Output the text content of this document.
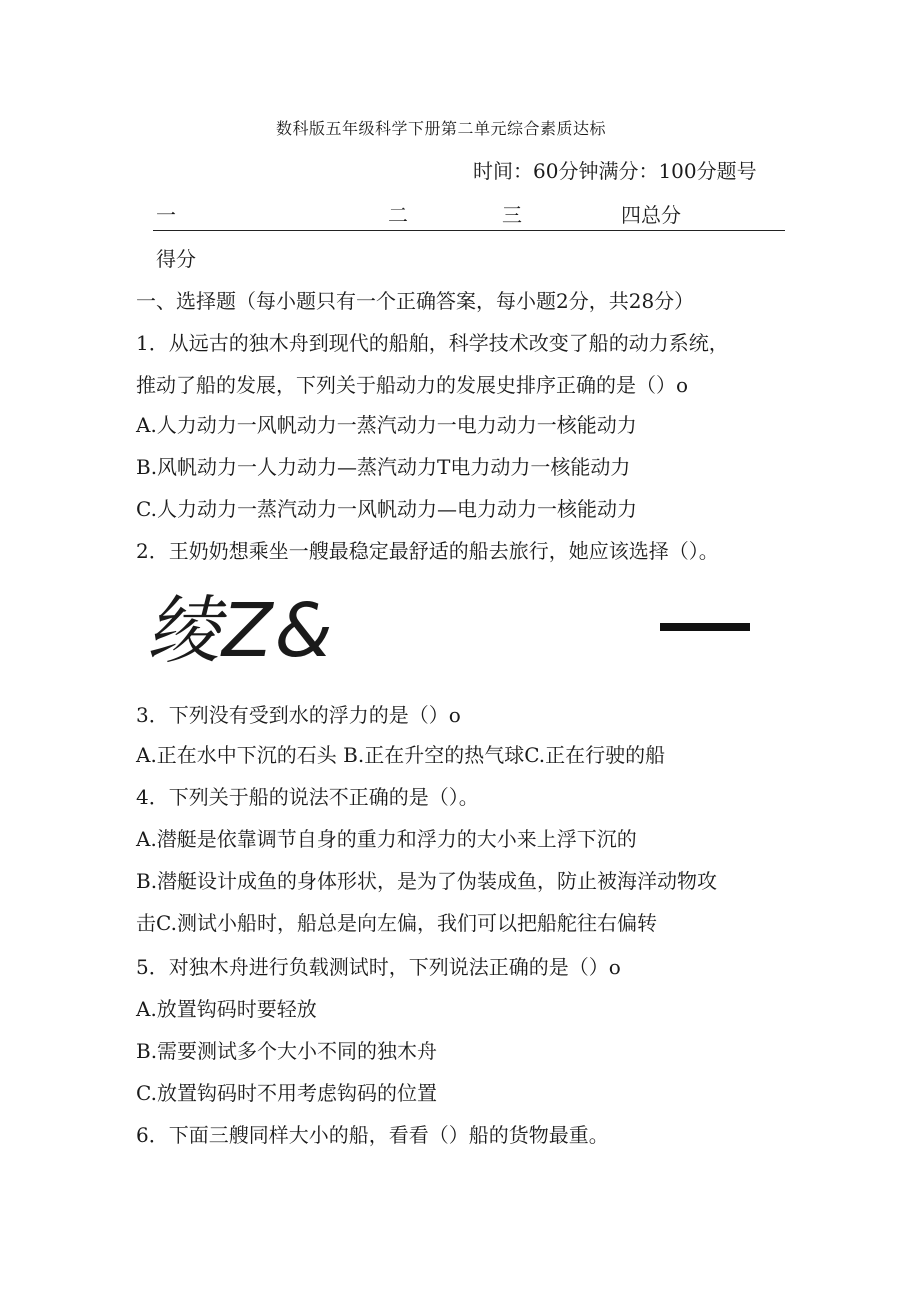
数科版五年级科学下册第二单元综合素质达标
时间：60分钟满分：100分题号
一	二	三	四总分
得分
一、选择题（每小题只有一个正确答案，每小题2分，共28分）
1．从远古的独木舟到现代的船舶，科学技术改变了船的动力系统，
推动了船的发展，下列关于船动力的发展史排序正确的是（）o
A.人力动力一风帆动力一蒸汽动力一电力动力一核能动力
B.风帆动力一人力动力—蒸汽动力T电力动力一核能动力
C.人力动力一蒸汽动力一风帆动力—电力动力一核能动力
2．王奶奶想乘坐一艘最稳定最舒适的船去旅行，她应该选择（）。
绫Z&
3．下列没有受到水的浮力的是（）o
A.正在水中下沉的石头 B.正在升空的热气球C.正在行驶的船
4．下列关于船的说法不正确的是（）。
A.潜艇是依靠调节自身的重力和浮力的大小来上浮下沉的
B.潜艇设计成鱼的身体形状，是为了伪装成鱼，防止被海洋动物攻
击C.测试小船时，船总是向左偏，我们可以把船舵往右偏转
5．对独木舟进行负载测试时，下列说法正确的是（）o
A.放置钩码时要轻放
B.需要测试多个大小不同的独木舟
C.放置钩码时不用考虑钩码的位置
6．下面三艘同样大小的船，看看（）船的货物最重。
